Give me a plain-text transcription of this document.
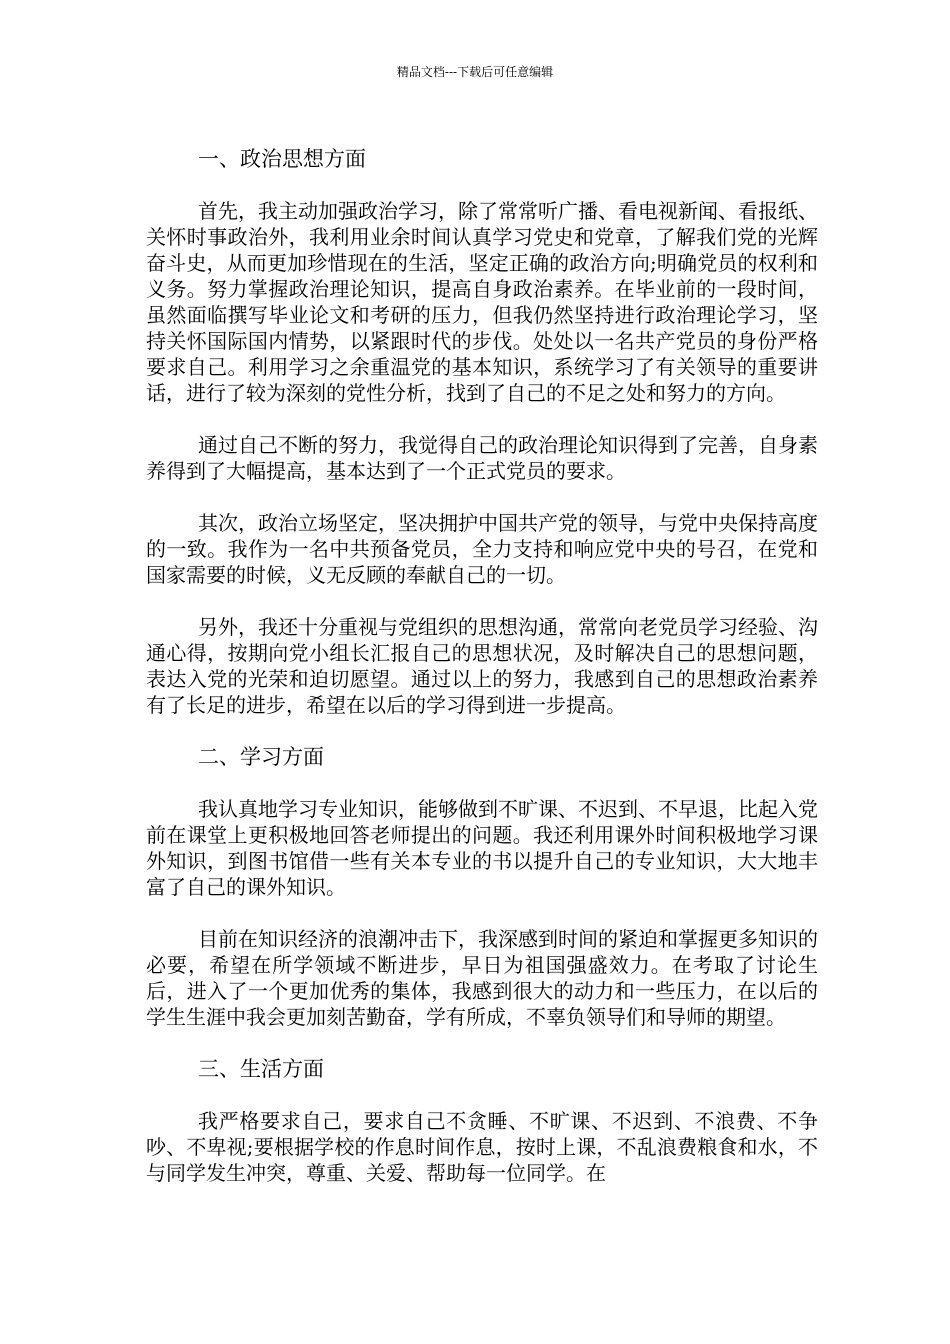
精品文档---下载后可任意编辑
一、政治思想方面

首先，我主动加强政治学习，除了常常听广播、看电视新闻、看报纸、关怀时事政治外，我利用业余时间认真学习党史和党章，了解我们党的光辉奋斗史，从而更加珍惜现在的生活，坚定正确的政治方向;明确党员的权利和义务。努力掌握政治理论知识，提高自身政治素养。在毕业前的一段时间，虽然面临撰写毕业论文和考研的压力，但我仍然坚持进行政治理论学习，坚持关怀国际国内情势，以紧跟时代的步伐。处处以一名共产党员的身份严格要求自己。利用学习之余重温党的基本知识，系统学习了有关领导的重要讲话，进行了较为深刻的党性分析，找到了自己的不足之处和努力的方向。

通过自己不断的努力，我觉得自己的政治理论知识得到了完善，自身素养得到了大幅提高，基本达到了一个正式党员的要求。

其次，政治立场坚定，坚决拥护中国共产党的领导，与党中央保持高度的一致。我作为一名中共预备党员，全力支持和响应党中央的号召，在党和国家需要的时候，义无反顾的奉献自己的一切。

另外，我还十分重视与党组织的思想沟通，常常向老党员学习经验、沟通心得，按期向党小组长汇报自己的思想状况，及时解决自己的思想问题，表达入党的光荣和迫切愿望。通过以上的努力，我感到自己的思想政治素养有了长足的进步，希望在以后的学习得到进一步提高。

二、学习方面

我认真地学习专业知识，能够做到不旷课、不迟到、不早退，比起入党前在课堂上更积极地回答老师提出的问题。我还利用课外时间积极地学习课外知识，到图书馆借一些有关本专业的书以提升自己的专业知识，大大地丰富了自己的课外知识。

目前在知识经济的浪潮冲击下，我深感到时间的紧迫和掌握更多知识的必要，希望在所学领域不断进步，早日为祖国强盛效力。在考取了讨论生后，进入了一个更加优秀的集体，我感到很大的动力和一些压力，在以后的学生生涯中我会更加刻苦勤奋，学有所成，不辜负领导们和导师的期望。

三、生活方面

我严格要求自己，要求自己不贪睡、不旷课、不迟到、不浪费、不争吵、不卑视;要根据学校的作息时间作息，按时上课，不乱浪费粮食和水，不与同学发生冲突，尊重、关爱、帮助每一位同学。在
